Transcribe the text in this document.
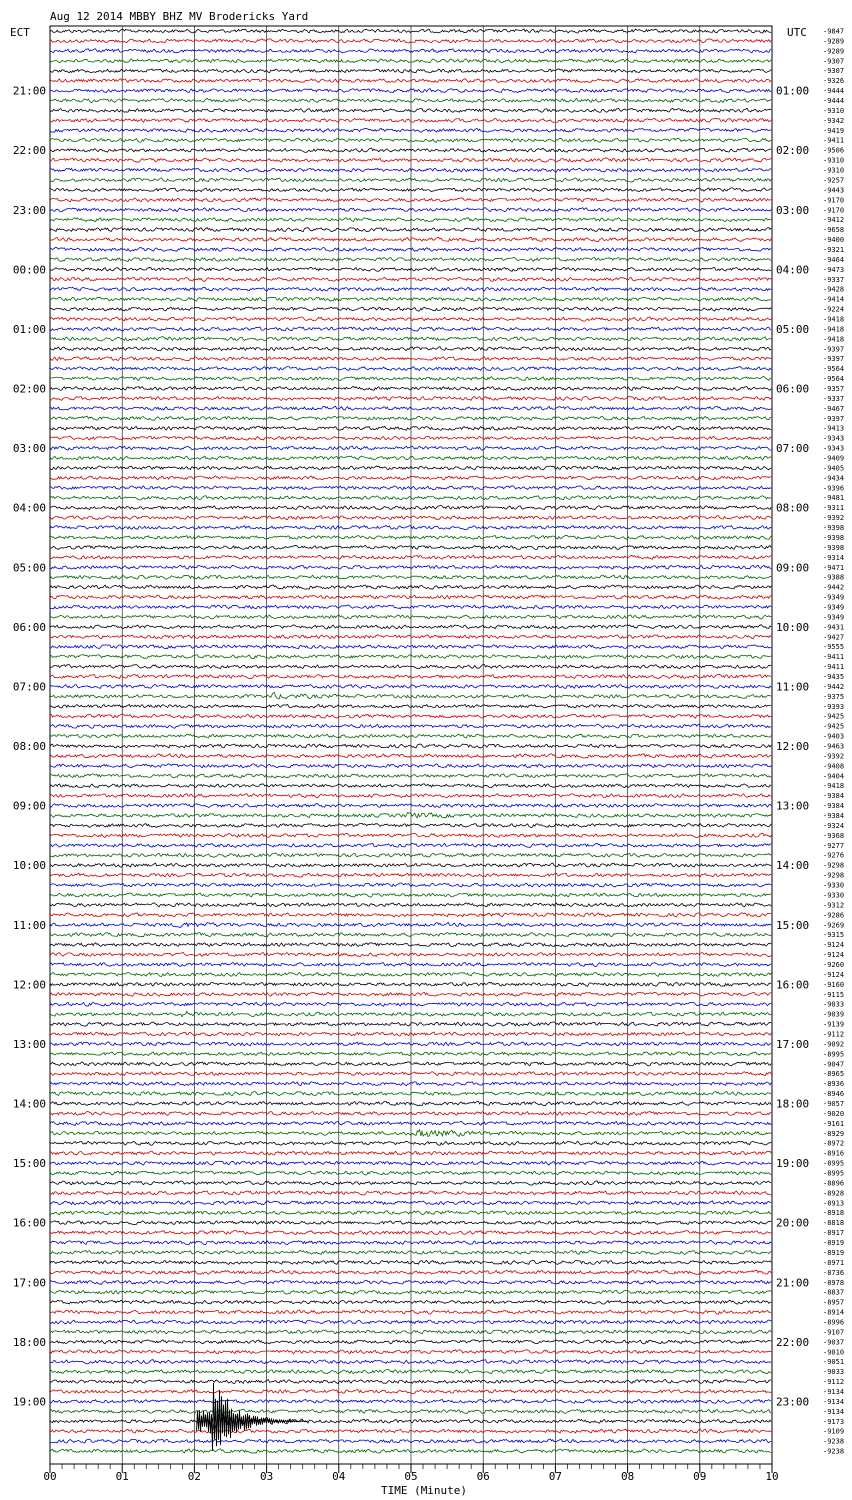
Aug 12 2014 MBBY BHZ MV Brodericks Yard
ECT	UTC
21:00
22:00
23:00
00:00
01:00
02:00
03:00
04:00
05:00
06:00
07:00
08:00
09:00
10:00
11:00
12:00
13:00
14:00
15:00
16:00
17:00
18:00
19:00
01:00
02:00
03:00
04:00
05:00
06:00
07:00
08:00
09:00
10:00
11:00
12:00
13:00
14:00
15:00
16:00
17:00
18:00
19:00
20:00
21:00
22:00
23:00
-9847
-9289
-9289
-9307
-9307
-9326
-9444
-9444
-9310
-9342
-9419
-9411
-9506
-9310
-9310
-9257
-9443
-9170
-9170
-9412
-9658
-9400
-9321
-9464
-9473
-9337
-9428
-9414
-9224
-9418
-9418
-9418
-9397
-9397
-9564
-9564
-9357
-9337
-9467
-9397
-9413
-9343
-9343
-9409
-9405
-9434
-9396
-9481
-9311
-9392
-9398
-9398
-9398
-9314
-9471
-9388
-9442
-9349
-9349
-9349
-9431
-9427
-9555
-9411
-9411
-9435
-9442
-9375
-9393
-9425
-9425
-9403
-9463
-9392
-9408
-9404
-9418
-9384
-9384
-9384
-9324
-9368
-9277
-9276
-9298
-9298
-9330
-9330
-9312
-9286
-9269
-9315
-9124
-9124
-9260
-9124
-9160
-9115
-9033
-9039
-9139
-9112
-9092
-8995
-9047
-8965
-8936
-8946
-9057
-9020
-9161
-8929
-8972
-8916
-8995
-8995
-8896
-8928
-8913
-8918
-8818
-8917
-8919
-8919
-8971
-8736
-8978
-8837
-8957
-8914
-8996
-9107
-9037
-9010
-9051
-9033
-9112
-9134
-9134
-9134
-9173
-9109
-9238
-9238
00	01	02	03	04	05	06	07	08	09	10
TIME (Minute)
